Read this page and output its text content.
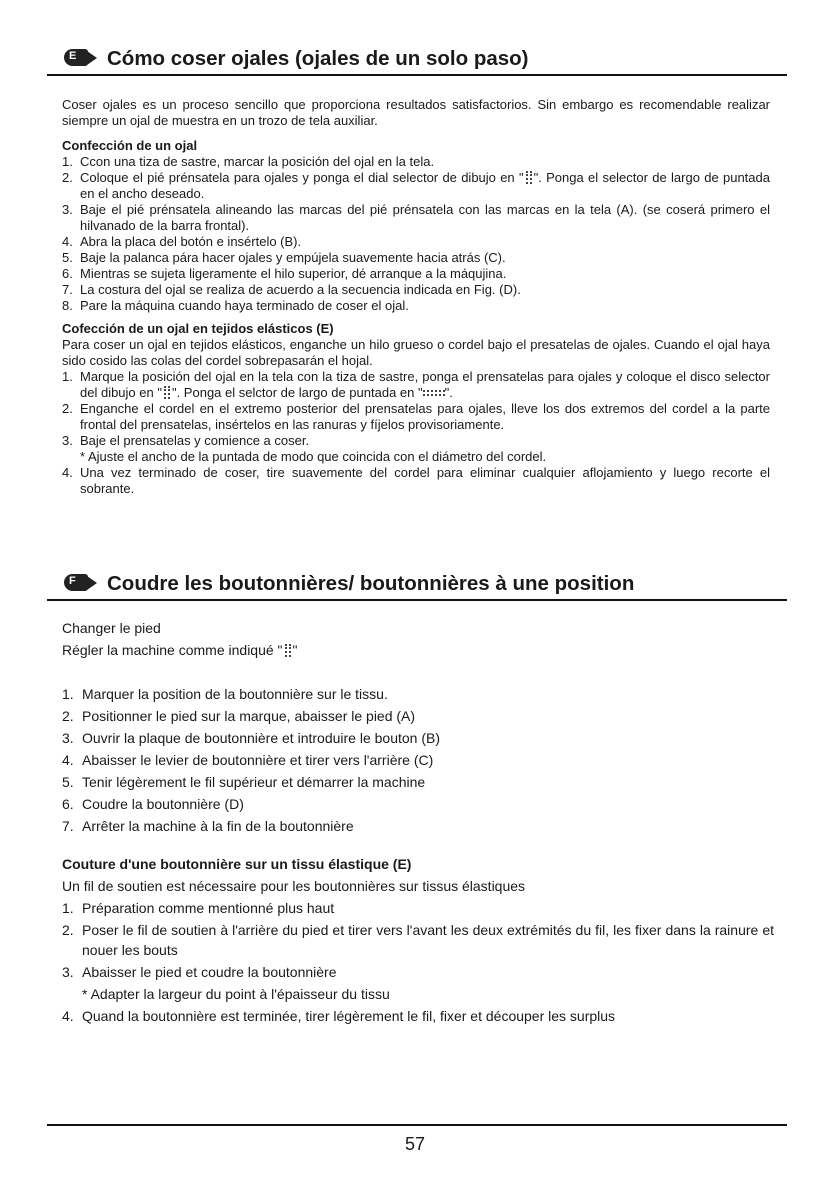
E Cómo coser ojales (ojales de un solo paso)

Coser ojales es un proceso sencillo que proporciona resultados satisfactorios. Sin embargo es recomendable realizar siempre un ojal de muestra en un trozo de tela auxiliar.

Confección de un ojal
1. Ccon una tiza de sastre, marcar la posición del ojal en la tela.
2. Coloque el pié prénsatela para ojales y ponga el dial selector de dibujo en " ". Ponga el selector de largo de puntada en el ancho deseado.
3. Baje el pié prénsatela alineando las marcas del pié prénsatela con las marcas en la tela (A). (se coserá primero el hilvanado de la barra frontal).
4. Abra la placa del botón e insértelo (B).
5. Baje la palanca pára hacer ojales y empújela suavemente hacia atrás (C).
6. Mientras se sujeta ligeramente el hilo superior, dé arranque a la máqujina.
7. La costura del ojal se realiza de acuerdo a la secuencia indicada en Fig. (D).
8. Pare la máquina cuando haya terminado de coser el ojal.
Cofección de un ojal en tejidos elásticos (E)

Para coser un ojal en tejidos elásticos, enganche un hilo grueso o cordel bajo el presatelas de ojales. Cuando el ojal haya sido cosido las colas del cordel sobrepasarán el hojal.

1. Marque la posición del ojal en la tela con la tiza de sastre, ponga el prensatelas para ojales y coloque el disco selector del dibujo en " ". Ponga el selctor de largo de puntada en " ".
2. Enganche el cordel en el extremo posterior del prensatelas para ojales, lleve los dos extremos del cordel a la parte frontal del prensatelas, insértelos en las ranuras y fíjelos provisoriamente.
3. Baje el prensatelas y comience a coser.
* Ajuste el ancho de la puntada de modo que coincida con el diámetro del cordel.
4. Una vez terminado de coser, tire suavemente del cordel para eliminar cualquier aflojamiento y luego recorte el sobrante.
F Coudre les boutonnières/ boutonnières à une position
Changer le pied
Régler la machine comme indiqué " "
1. Marquer la position de la boutonnière sur le tissu.
2. Positionner le pied sur la marque, abaisser le pied (A)
3. Ouvrir la plaque de boutonnière et introduire le bouton (B)
4. Abaisser le levier de boutonnière et tirer vers l'arrière (C)
5. Tenir légèrement le fil supérieur et démarrer la machine
6. Coudre la boutonnière (D)
7. Arrêter la machine à la fin de la boutonnière
Couture d'une boutonnière sur un tissu élastique (E)
Un fil de soutien est nécessaire pour les boutonnières sur tissus élastiques
1. Préparation comme mentionné plus haut
2. Poser le fil de soutien à l'arrière du pied et tirer vers l'avant les deux extrémités du fil, les fixer dans la rainure et nouer les bouts
3. Abaisser le pied et coudre la boutonnière
* Adapter la largeur du point à l'épaisseur du tissu
4. Quand la boutonnière est terminée, tirer légèrement le fil, fixer et découper les surplus
57
